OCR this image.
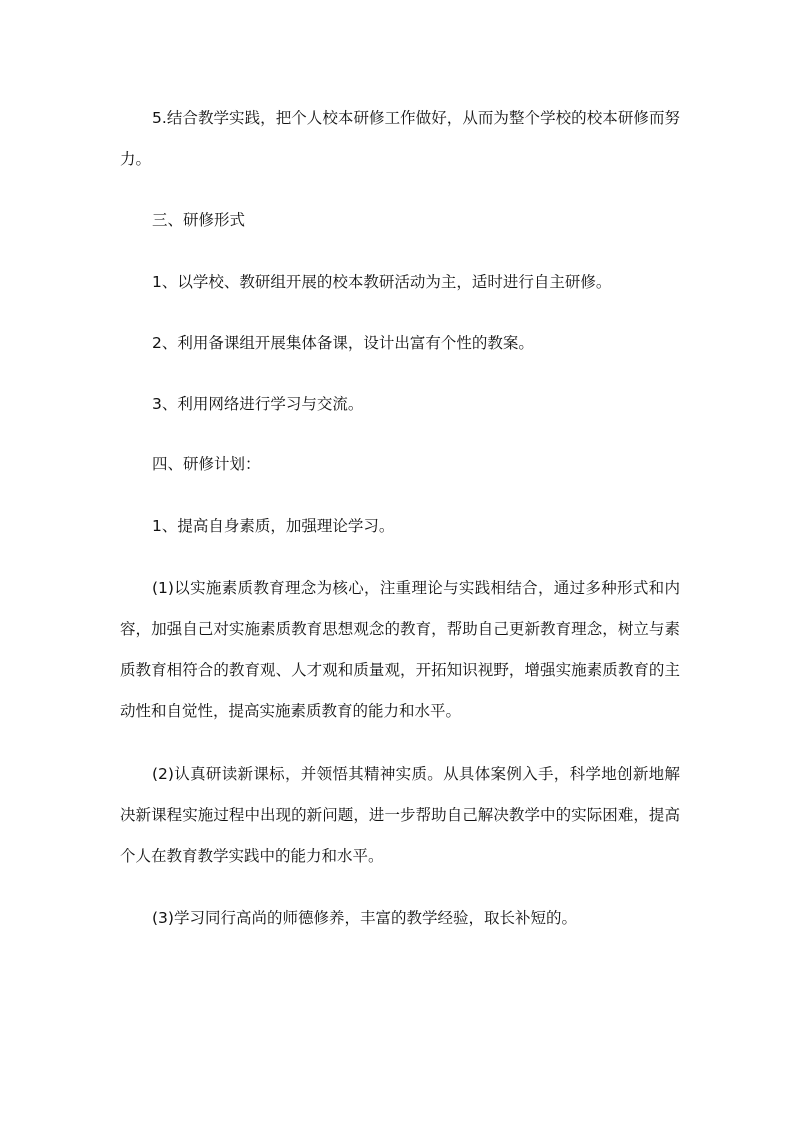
5.结合教学实践，把个人校本研修工作做好，从而为整个学校的校本研修而努力。

三、研修形式

1、以学校、教研组开展的校本教研活动为主，适时进行自主研修。

2、利用备课组开展集体备课，设计出富有个性的教案。

3、利用网络进行学习与交流。

四、研修计划：

1、提高自身素质，加强理论学习。

(1)以实施素质教育理念为核心，注重理论与实践相结合，通过多种形式和内容，加强自己对实施素质教育思想观念的教育，帮助自己更新教育理念，树立与素质教育相符合的教育观、人才观和质量观，开拓知识视野，增强实施素质教育的主动性和自觉性，提高实施素质教育的能力和水平。

(2)认真研读新课标，并领悟其精神实质。从具体案例入手，科学地创新地解决新课程实施过程中出现的新问题，进一步帮助自己解决教学中的实际困难，提高个人在教育教学实践中的能力和水平。

(3)学习同行高尚的师德修养，丰富的教学经验，取长补短的。
